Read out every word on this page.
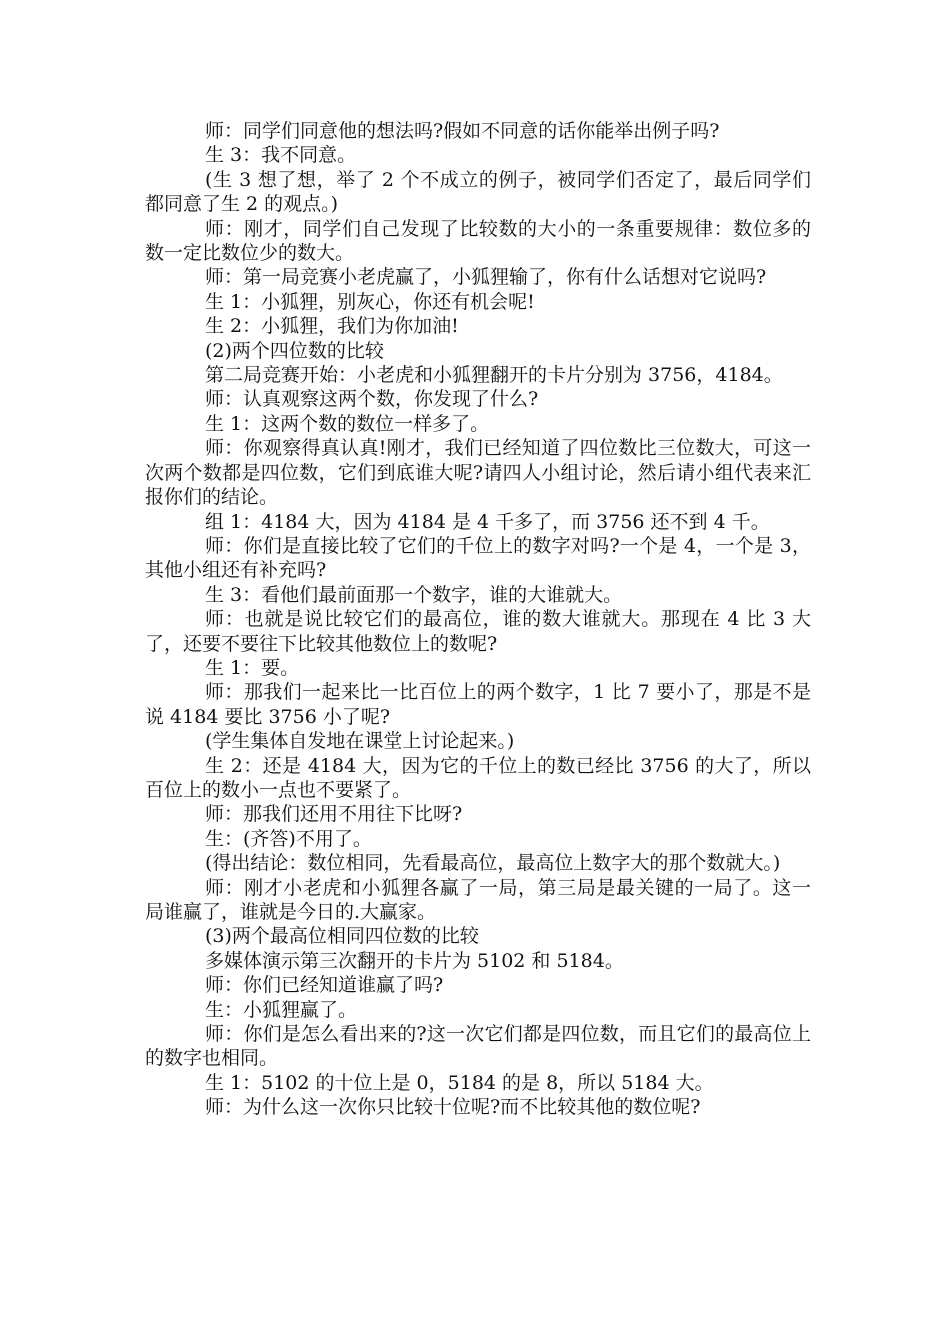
师：同学们同意他的想法吗?假如不同意的话你能举出例子吗?

生 3：我不同意。

(生 3 想了想，举了 2 个不成立的例子，被同学们否定了，最后同学们都同意了生 2 的观点。)

师：刚才，同学们自己发现了比较数的大小的一条重要规律：数位多的数一定比数位少的数大。

师：第一局竞赛小老虎赢了，小狐狸输了，你有什么话想对它说吗?

生 1：小狐狸，别灰心，你还有机会呢!

生 2：小狐狸，我们为你加油!

(2)两个四位数的比较

第二局竞赛开始：小老虎和小狐狸翻开的卡片分别为 3756，4184。

师：认真观察这两个数，你发现了什么?

生 1：这两个数的数位一样多了。

师：你观察得真认真!刚才，我们已经知道了四位数比三位数大，可这一次两个数都是四位数，它们到底谁大呢?请四人小组讨论，然后请小组代表来汇报你们的结论。

组 1：4184 大，因为 4184 是 4 千多了，而 3756 还不到 4 千。

师：你们是直接比较了它们的千位上的数字对吗?一个是 4，一个是 3，其他小组还有补充吗?

生 3：看他们最前面那一个数字，谁的大谁就大。

师：也就是说比较它们的最高位，谁的数大谁就大。那现在 4 比 3 大了，还要不要往下比较其他数位上的数呢?

生 1：要。

师：那我们一起来比一比百位上的两个数字，1 比 7 要小了，那是不是说 4184 要比 3756 小了呢?

(学生集体自发地在课堂上讨论起来。)

生 2：还是 4184 大，因为它的千位上的数已经比 3756 的大了，所以百位上的数小一点也不要紧了。

师：那我们还用不用往下比呀?

生：(齐答)不用了。

(得出结论：数位相同，先看最高位，最高位上数字大的那个数就大。)

师：刚才小老虎和小狐狸各赢了一局，第三局是最关键的一局了。这一局谁赢了，谁就是今日的.大赢家。

(3)两个最高位相同四位数的比较

多媒体演示第三次翻开的卡片为 5102 和 5184。

师：你们已经知道谁赢了吗?

生：小狐狸赢了。

师：你们是怎么看出来的?这一次它们都是四位数，而且它们的最高位上的数字也相同。

生 1：5102 的十位上是 0，5184 的是 8，所以 5184 大。

师：为什么这一次你只比较十位呢?而不比较其他的数位呢?
